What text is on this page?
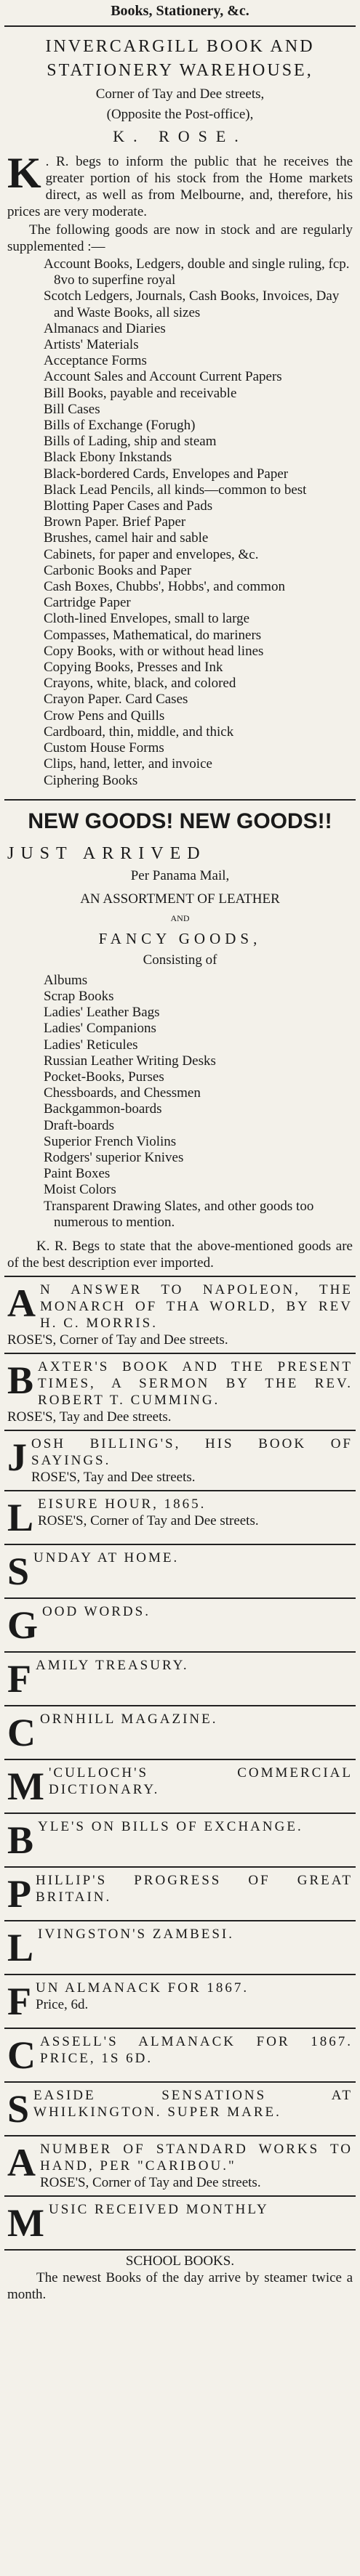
Books, Stationery, &c.
INVERCARGILL BOOK AND
STATIONERY WAREHOUSE,
Corner of Tay and Dee streets,
(Opposite the Post-office),
K. ROSE.
K . R. begs to inform the public that he receives the greater portion of his stock from the Home markets direct, as well as from Melbourne, and, therefore, his prices are very moderate.
The following goods are now in stock and are regularly supplemented :—
Account Books, Ledgers, double and single ruling, fcp. 8vo to superfine royal
Scotch Ledgers, Journals, Cash Books, Invoices, Day and Waste Books, all sizes
Almanacs and Diaries
Artists' Materials
Acceptance Forms
Account Sales and Account Current Papers
Bill Books, payable and receivable
Bill Cases
Bills of Exchange (Forugh)
Bills of Lading, ship and steam
Black Ebony Inkstands
Black-bordered Cards, Envelopes and Paper
Black Lead Pencils, all kinds—common to best
Blotting Paper Cases and Pads
Brown Paper. Brief Paper
Brushes, camel hair and sable
Cabinets, for paper and envelopes, &c.
Carbonic Books and Paper
Cash Boxes, Chubbs', Hobbs', and common
Cartridge Paper
Cloth-lined Envelopes, small to large
Compasses, Mathematical, do mariners
Copy Books, with or without head lines
Copying Books, Presses and Ink
Crayons, white, black, and colored
Crayon Paper. Card Cases
Crow Pens and Quills
Cardboard, thin, middle, and thick
Custom House Forms
Clips, hand, letter, and invoice
Ciphering Books
NEW GOODS! NEW GOODS!!
JUST ARRIVED
Per Panama Mail,
AN ASSORTMENT OF LEATHER
AND
FANCY GOODS,
Consisting of
Albums
Scrap Books
Ladies' Leather Bags
Ladies' Companions
Ladies' Reticules
Russian Leather Writing Desks
Pocket-Books, Purses
Chessboards, and Chessmen
Backgammon-boards
Draft-boards
Superior French Violins
Rodgers' superior Knives
Paint Boxes
Moist Colors
Transparent Drawing Slates, and other goods too numerous to mention.
K. R. Begs to state that the above-mentioned goods are of the best description ever imported.
A N ANSWER TO NAPOLEON, THE MONARCH OF THA WORLD, BY REV H. C. MORRIS.
ROSE'S, Corner of Tay and Dee streets.
B AXTER'S BOOK AND THE PRESENT TIMES, A SERMON BY THE REV. ROBERT T. CUMMING.
ROSE'S, Tay and Dee streets.
J OSH BILLING'S, HIS BOOK OF SAYINGS.
ROSE'S, Tay and Dee streets.
L EISURE HOUR, 1865.
ROSE'S, Corner of Tay and Dee streets.
S UNDAY AT HOME.
G OOD WORDS.
F AMILY TREASURY.
C ORNHILL MAGAZINE.
M 'CULLOCH'S COMMERCIAL DICTIONARY.
B YLE'S ON BILLS OF EXCHANGE.
P HILLIP'S PROGRESS OF GREAT BRITAIN.
L IVINGSTON'S ZAMBESI.
F UN ALMANACK FOR 1867.
Price, 6d.
C ASSELL'S ALMANACK FOR 1867. PRICE, 1S 6D.
S EASIDE SENSATIONS AT WHILKINGTON. SUPER MARE.
A NUMBER OF STANDARD WORKS TO HAND, PER "CARIBOU."
ROSE'S, Corner of Tay and Dee streets.
M USIC RECEIVED MONTHLY
SCHOOL BOOKS.
The newest Books of the day arrive by steamer twice a month.
